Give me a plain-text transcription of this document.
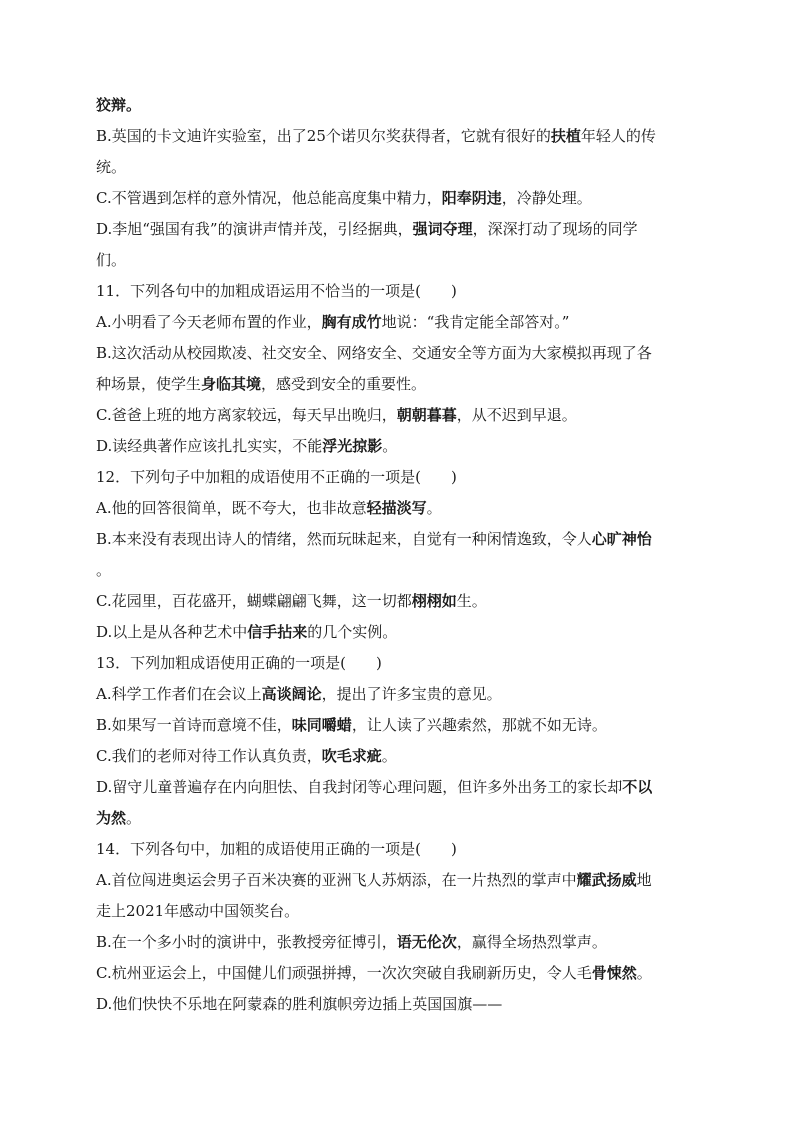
狡辩。
B.英国的卡文迪许实验室，出了25个诺贝尔奖获得者，它就有很好的扶植年轻人的传
统。
C.不管遇到怎样的意外情况，他总能高度集中精力，阳奉阴违，冷静处理。
D.李旭“强国有我”的演讲声情并茂，引经据典，强词夺理，深深打动了现场的同学
们。
11．下列各句中的加粗成语运用不恰当的一项是(　　)
A.小明看了今天老师布置的作业，胸有成竹地说：“我肯定能全部答对。”
B.这次活动从校园欺凌、社交安全、网络安全、交通安全等方面为大家模拟再现了各
种场景，使学生身临其境，感受到安全的重要性。
C.爸爸上班的地方离家较远，每天早出晚归，朝朝暮暮，从不迟到早退。
D.读经典著作应该扎扎实实，不能浮光掠影。
12．下列句子中加粗的成语使用不正确的一项是(　　)
A.他的回答很简单，既不夸大，也非故意轻描淡写。
B.本来没有表现出诗人的情绪，然而玩昧起来，自觉有一种闲情逸致，令人心旷神怡
。
C.花园里，百花盛开，蝴蝶翩翩飞舞，这一切都栩栩如生。
D.以上是从各种艺术中信手拈来的几个实例。
13．下列加粗成语使用正确的一项是(　　)
A.科学工作者们在会议上高谈阔论，提出了许多宝贵的意见。
B.如果写一首诗而意境不佳，味同嚼蜡，让人读了兴趣索然，那就不如无诗。
C.我们的老师对待工作认真负责，吹毛求疵。
D.留守儿童普遍存在内向胆怯、自我封闭等心理问题，但许多外出务工的家长却不以
为然。
14．下列各句中，加粗的成语使用正确的一项是(　　)
A.首位闯进奥运会男子百米决赛的亚洲飞人苏炳添，在一片热烈的掌声中耀武扬威地
走上2021年感动中国领奖台。
B.在一个多小时的演讲中，张教授旁征博引，语无伦次，赢得全场热烈掌声。
C.杭州亚运会上，中国健儿们顽强拼搏，一次次突破自我刷新历史，令人毛骨悚然。
D.他们快快不乐地在阿蒙森的胜利旗帜旁边插上英国国旗——
